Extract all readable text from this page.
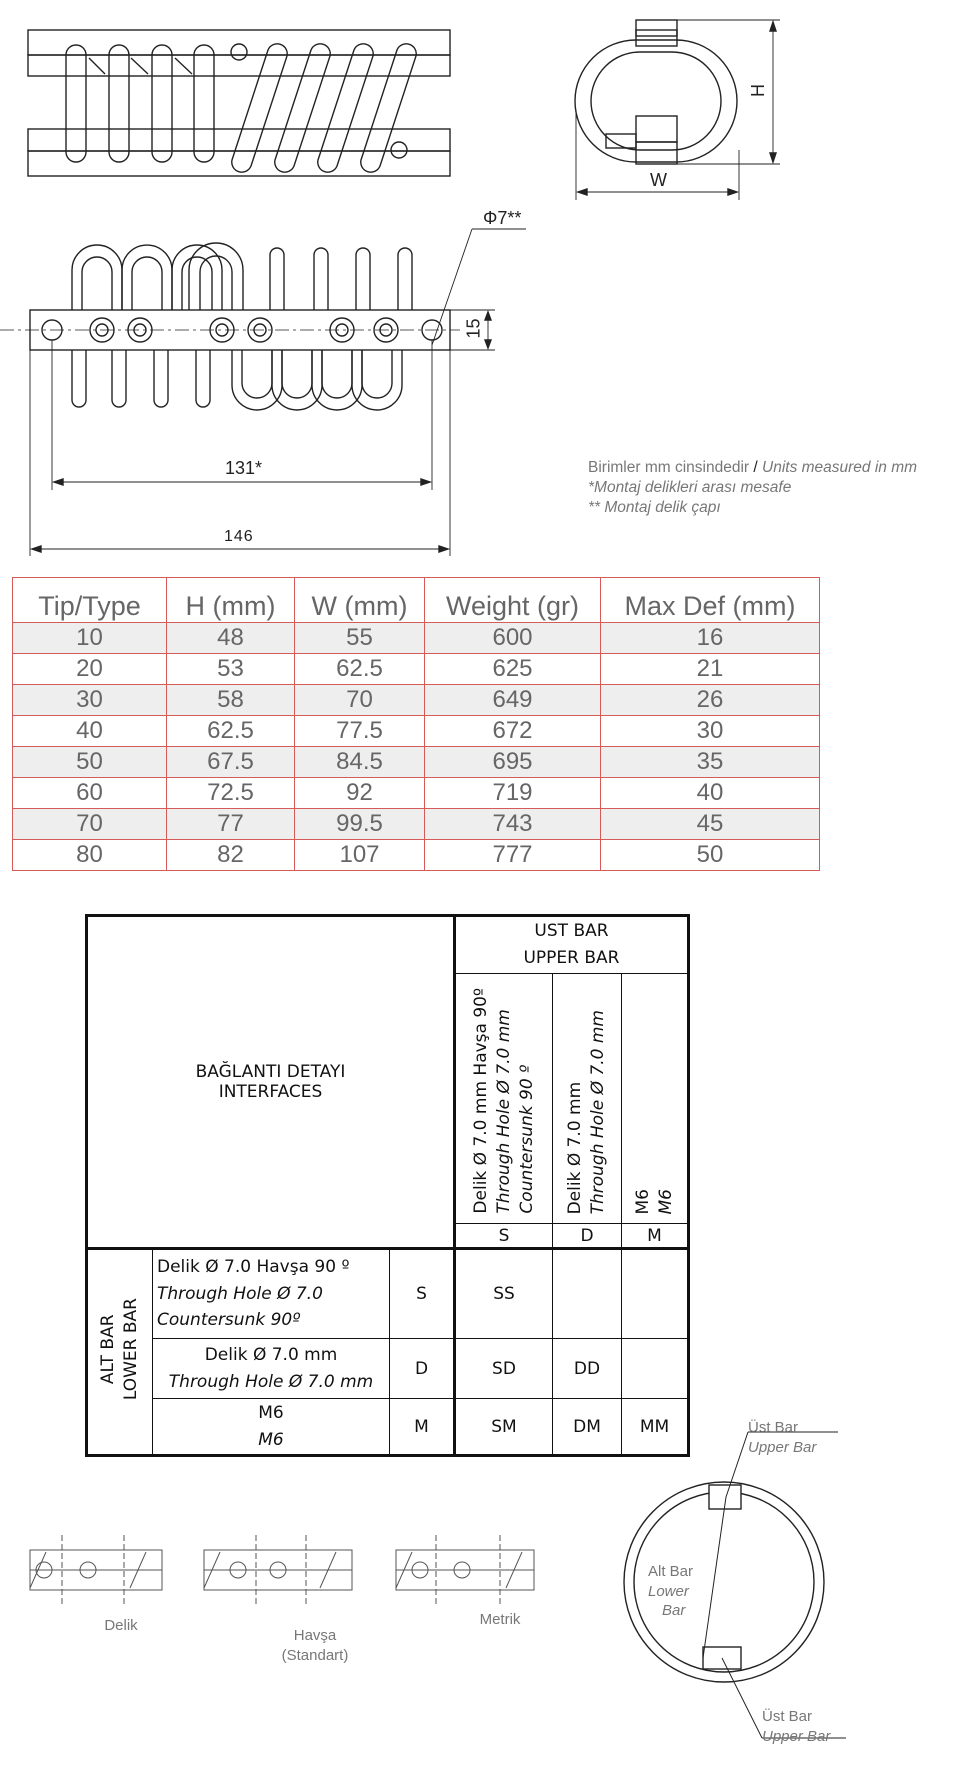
H
W
Φ7**
15
131*
146
Birimler mm cinsindedir / Units measured in mm
*Montaj delikleri arası mesafe
** Montaj delik çapı
Tip/Type	H (mm)	W (mm)	Weight (gr)	Max Def (mm)
10	48	55	600	16
20	53	62.5	625	21
30	58	70	649	26
40	62.5	77.5	672	30
50	67.5	84.5	695	35
60	72.5	92	719	40
70	77	99.5	743	45
80	82	107	777	50
BAĞLANTI DETAYI
INTERFACES			UST BAR
UPPER BAR		

			Delik Ø 7.0 mm Havşa 90º Through Hole Ø 7.0 mm Countersunk 90 º	Delik Ø 7.0 mm Through Hole Ø 7.0 mm	M6 M6

			S	D	M

ALT BAR LOWER BAR	Delik Ø 7.0 Havşa 90 º
Through Hole Ø 7.0
Countersunk 90º	S	SS		

	Delik Ø 7.0 mm
Through Hole Ø 7.0 mm	D	SD	DD	

	M6
M6	M	SM	DM	MM
Delik
Havşa
(Standart)
Metrik
Üst Bar
Upper Bar
Alt Bar
Lower
Bar
Üst Bar
Upper Bar
